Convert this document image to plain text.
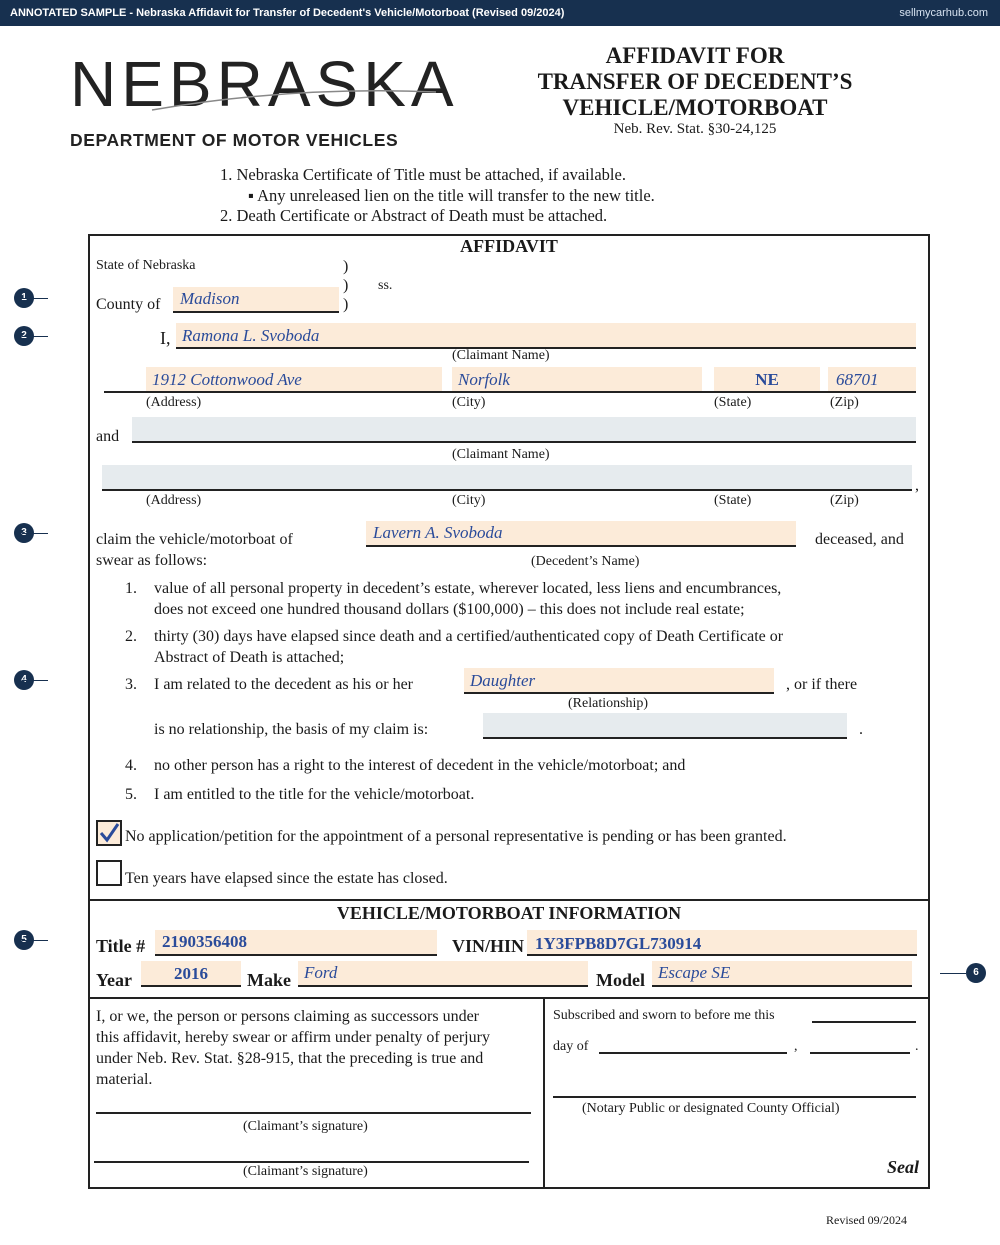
ANNOTATED SAMPLE - Nebraska Affidavit for Transfer of Decedent's Vehicle/Motorboat (Revised 09/2024)	sellmycarhub.com
NEBRASKA
DEPARTMENT OF MOTOR VEHICLES
AFFIDAVIT FOR
TRANSFER OF DECEDENT’S
VEHICLE/MOTORBOAT
Neb. Rev. Stat. §30-24,125
1. Nebraska Certificate of Title must be attached, if available.
▪ Any unreleased lien on the title will transfer to the new title.
2. Death Certificate or Abstract of Death must be attached.
AFFIDAVIT
State of Nebraska	)
)
)
ss.
County of Madison
I, Ramona L. Svoboda
(Claimant Name)
1912 Cottonwood Ave	Norfolk	NE	68701
(Address)	(City)	(State)	(Zip)
and
(Claimant Name)
,
(Address)	(City)	(State)	(Zip)
claim the vehicle/motorboat of	Lavern A. Svoboda	deceased, and
swear as follows:	(Decedent’s Name)
1. value of all personal property in decedent’s estate, wherever located, less liens and encumbrances,
does not exceed one hundred thousand dollars ($100,000) – this does not include real estate;
2. thirty (30) days have elapsed since death and a certified/authenticated copy of Death Certificate or
Abstract of Death is attached;
3. I am related to the decedent as his or her	Daughter	, or if there
(Relationship)
is no relationship, the basis of my claim is:	.
4. no other person has a right to the interest of decedent in the vehicle/motorboat; and
5. I am entitled to the title for the vehicle/motorboat.
No application/petition for the appointment of a personal representative is pending or has been granted.
Ten years have elapsed since the estate has closed.
VEHICLE/MOTORBOAT INFORMATION
Title # 2190356408	VIN/HIN 1Y3FPB8D7GL730914
Year	2016	Make Ford	Model Escape SE
I, or we, the person or persons claiming as successors under
this affidavit, hereby swear or affirm under penalty of perjury
under Neb. Rev. Stat. §28-915, that the preceding is true and
material.
(Claimant’s signature)
(Claimant’s signature)
Subscribed and sworn to before me this
day of	,	.
(Notary Public or designated County Official)
Seal
Revised 09/2024
6
